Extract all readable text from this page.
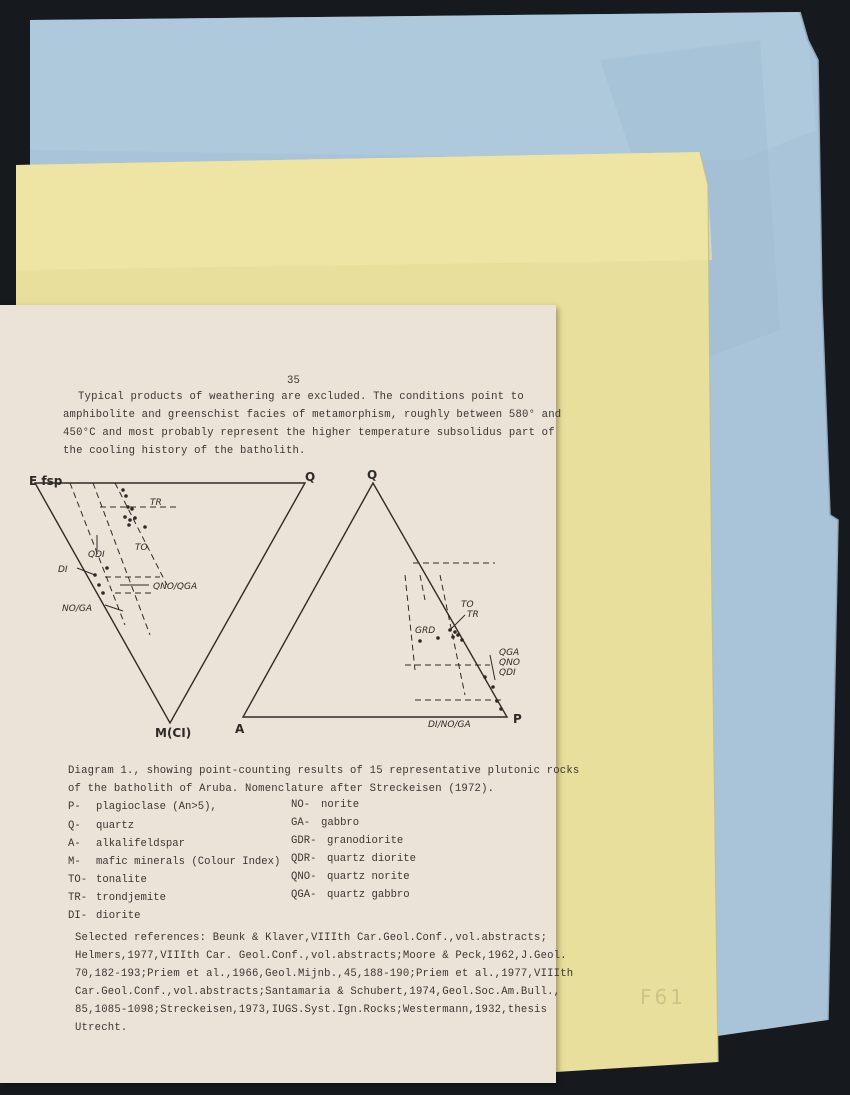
F61
35
Typical products of weathering are excluded. The conditions point to
amphibolite and greenschist facies of metamorphism, roughly between 580° and
450°C and most probably represent the higher temperature subsolidus part of
the cooling history of the batholith.
E fsp	Q
M(CI)
TR
TO
QDI
DI
QNO/QGA
NO/GA
Q
A
P
TO
TR
GRD
QGA
QNO
QDI
DI/NO/GA
Diagram 1., showing point-counting results of 15 representative plutonic rocks
of the batholith of Aruba. Nomenclature after Streckeisen (1972).
P- plagioclase (An>5),
Q- quartz
A- alkalifeldspar
M- mafic minerals (Colour Index)
TO- tonalite
TR- trondjemite
DI- diorite
NO- norite
GA- gabbro
GDR- granodiorite
QDR- quartz diorite
QNO- quartz norite
QGA- quartz gabbro
Selected references: Beunk & Klaver,VIIIth Car.Geol.Conf.,vol.abstracts;
Helmers,1977,VIIIth Car. Geol.Conf.,vol.abstracts;Moore & Peck,1962,J.Geol.
70,182-193;Priem et al.,1966,Geol.Mijnb.,45,188-190;Priem et al.,1977,VIIIth
Car.Geol.Conf.,vol.abstracts;Santamaria & Schubert,1974,Geol.Soc.Am.Bull.,
85,1085-1098;Streckeisen,1973,IUGS.Syst.Ign.Rocks;Westermann,1932,thesis
Utrecht.
